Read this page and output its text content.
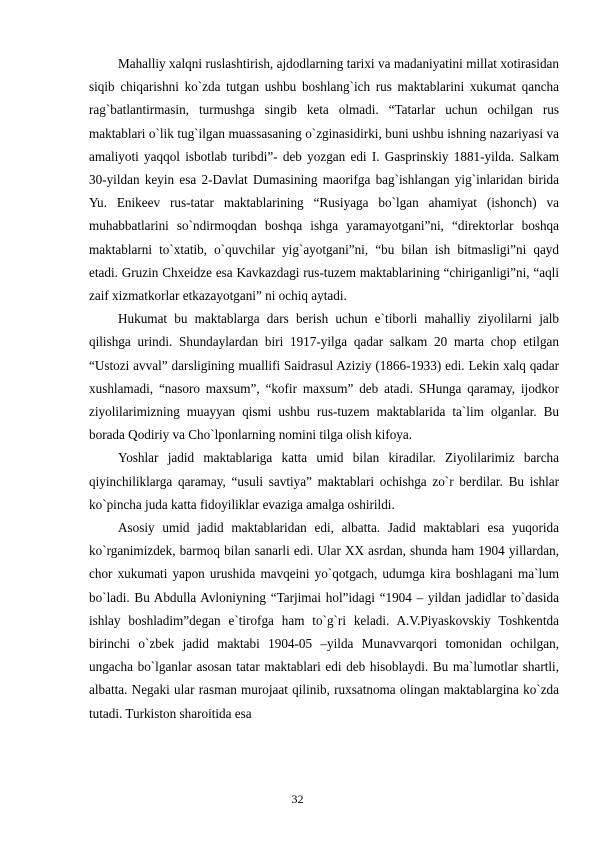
Mahalliy xalqni ruslashtirish, ajdodlarning tarixi va madaniyatini millat xotirasidan siqib chiqarishni ko`zda tutgan ushbu boshlang`ich rus maktablarini xukumat qancha rag`batlantirmasin, turmushga singib keta olmadi. “Tatarlar uchun ochilgan rus maktablari o`lik tug`ilgan muassasaning o`zginasidirki, buni ushbu ishning nazariyasi va amaliyoti yaqqol isbotlab turibdi”- deb yozgan edi I. Gasprinskiy 1881-yilda. Salkam 30-yildan keyin esa 2-Davlat Dumasining maorifga bag`ishlangan yig`inlaridan birida Yu. Enikeev rus-tatar maktablarining “Rusiyaga bo`lgan ahamiyat (ishonch) va muhabbatlarini so`ndirmoqdan boshqa ishga yaramayotgani”ni, “direktorlar boshqa maktablarni to`xtatib, o`quvchilar yig`ayotgani”ni, “bu bilan ish bitmasligi”ni qayd etadi. Gruzin Chxeidze esa Kavkazdagi rus-tuzem maktablarining “chiriganligi”ni, “aqli zaif xizmatkorlar etkazayotgani” ni ochiq aytadi.

Hukumat bu maktablarga dars berish uchun e`tiborli mahalliy ziyolilarni jalb qilishga urindi. Shundaylardan biri 1917-yilga qadar salkam 20 marta chop etilgan “Ustozi avval” darsligining muallifi Saidrasul Aziziy (1866-1933) edi. Lekin xalq qadar xushlamadi, “nasoro maxsum”, “kofir maxsum” deb atadi. SHunga qaramay, ijodkor ziyolilarimizning muayyan qismi ushbu rus-tuzem maktablarida ta`lim olganlar. Bu borada Qodiriy va Cho`lponlarning nomini tilga olish kifoya.

Yoshlar jadid maktablariga katta umid bilan kiradilar. Ziyolilarimiz barcha qiyinchiliklarga qaramay, “usuli savtiya” maktablari ochishga zo`r berdilar. Bu ishlar ko`pincha juda katta fidoyiliklar evaziga amalga oshirildi.

Asosiy umid jadid maktablaridan edi, albatta. Jadid maktablari esa yuqorida ko`rganimizdek, barmoq bilan sanarli edi. Ular XX asrdan, shunda ham 1904 yillardan, chor xukumati yapon urushida mavqeini yo`qotgach, udumga kira boshlagani ma`lum bo`ladi. Bu Abdulla Avloniyning “Tarjimai hol”idagi “1904 – yildan jadidlar to`dasida ishlay boshladim”degan e`tirofga ham to`g`ri keladi. A.V.Piyaskovskiy Toshkentda birinchi o`zbek jadid maktabi 1904-05 –yilda Munavvarqori tomonidan ochilgan, ungacha bo`lganlar asosan tatar maktablari edi deb hisoblaydi. Bu ma`lumotlar shartli, albatta. Negaki ular rasman murojaat qilinib, ruxsatnoma olingan maktablargina ko`zda tutadi. Turkiston sharoitida esa

32
